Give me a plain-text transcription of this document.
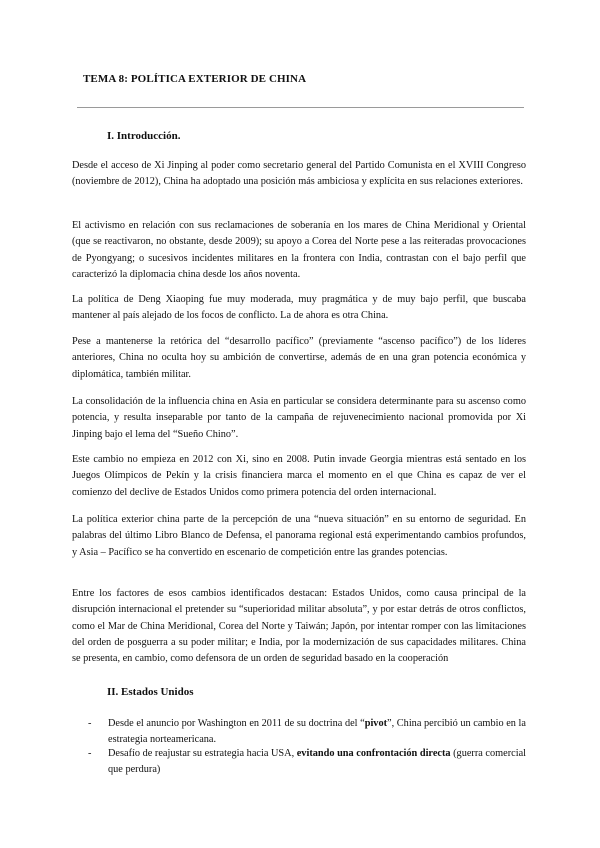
TEMA 8: POLÍTICA EXTERIOR DE CHINA
I. Introducción.
Desde el acceso de Xi Jinping al poder como secretario general del Partido Comunista en el XVIII Congreso (noviembre de 2012), China ha adoptado una posición más ambiciosa y explícita en sus relaciones exteriores.
El activismo en relación con sus reclamaciones de soberanía en los mares de China Meridional y Oriental (que se reactivaron, no obstante, desde 2009); su apoyo a Corea del Norte pese a las reiteradas provocaciones de Pyongyang; o sucesivos incidentes militares en la frontera con India, contrastan con el bajo perfil que caracterizó la diplomacia china desde los años noventa.
La política de Deng Xiaoping fue muy moderada, muy pragmática y de muy bajo perfil, que buscaba mantener al país alejado de los focos de conflicto. La de ahora es otra China.
Pese a mantenerse la retórica del “desarrollo pacífico” (previamente “ascenso pacífico”) de los líderes anteriores, China no oculta hoy su ambición de convertirse, además de en una gran potencia económica y diplomática, también militar.
La consolidación de la influencia china en Asia en particular se considera determinante para su ascenso como potencia, y resulta inseparable por tanto de la campaña de rejuvenecimiento nacional promovida por Xi Jinping bajo el lema del “Sueño Chino”.
Este cambio no empieza en 2012 con Xi, sino en 2008. Putin invade Georgia mientras está sentado en los Juegos Olímpicos de Pekín y la crisis financiera marca el momento en el que China es capaz de ver el comienzo del declive de Estados Unidos como primera potencia del orden internacional.
La política exterior china parte de la percepción de una “nueva situación” en su entorno de seguridad. En palabras del último Libro Blanco de Defensa, el panorama regional está experimentando cambios profundos, y Asia – Pacífico se ha convertido en escenario de competición entre las grandes potencias.
Entre los factores de esos cambios identificados destacan: Estados Unidos, como causa principal de la disrupción internacional el pretender su “superioridad militar absoluta”, y por estar detrás de otros conflictos, como el Mar de China Meridional, Corea del Norte y Taiwán; Japón, por intentar romper con las limitaciones del orden de posguerra a su poder militar; e India, por la modernización de sus capacidades militares. China se presenta, en cambio, como defensora de un orden de seguridad basado en la cooperación
II. Estados Unidos
- Desde el anuncio por Washington en 2011 de su doctrina del “pivot”, China percibió un cambio en la estrategia norteamericana.
- Desafío de reajustar su estrategia hacia USA, evitando una confrontación directa (guerra comercial que perdura)
